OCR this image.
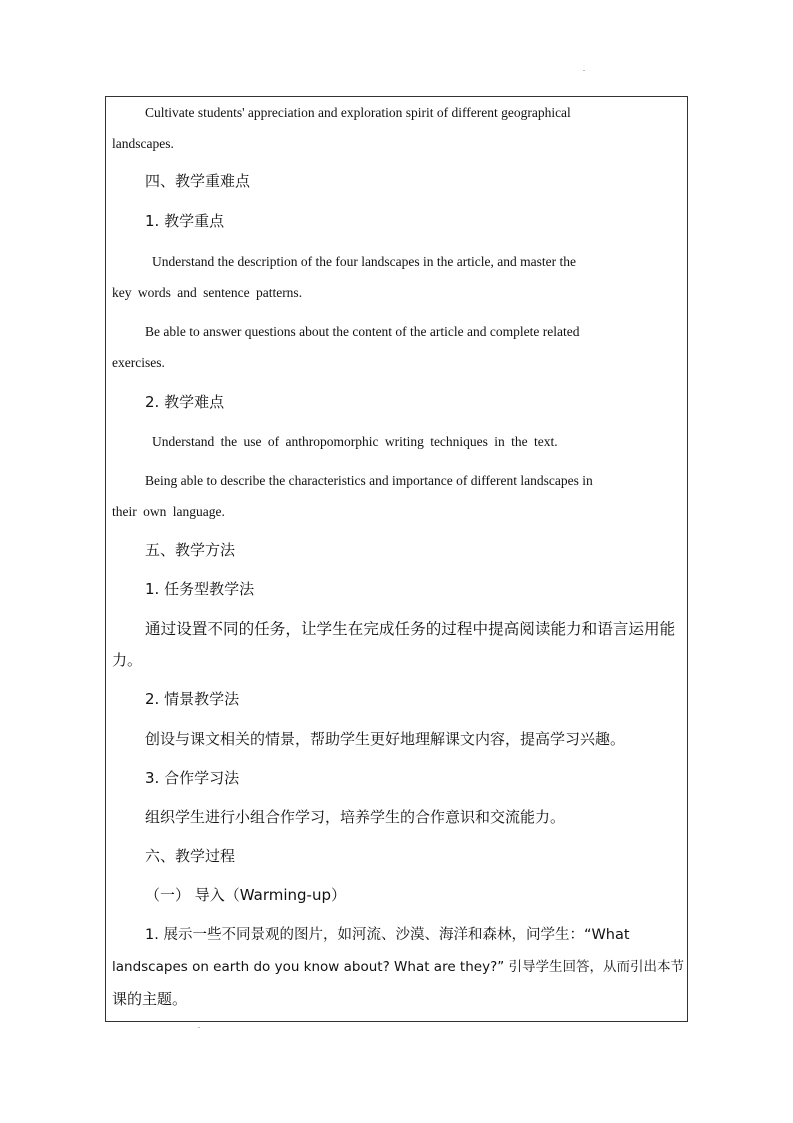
Cultivate students' appreciation and exploration spirit of different geographical
landscapes.
四、教学重难点
1. 教学重点
Understand the description of the four landscapes in the article, and master the
key words and sentence patterns.
Be able to answer questions about the content of the article and complete related
exercises.
2. 教学难点
Understand the use of anthropomorphic writing techniques in the text.
Being able to describe the characteristics and importance of different landscapes in
their own language.
五、教学方法
1. 任务型教学法
通过设置不同的任务，让学生在完成任务的过程中提高阅读能力和语言运用能
力。
2. 情景教学法
创设与课文相关的情景，帮助学生更好地理解课文内容，提高学习兴趣。
3. 合作学习法
组织学生进行小组合作学习，培养学生的合作意识和交流能力。
六、教学过程
（一） 导入（Warming-up）
1. 展示一些不同景观的图片，如河流、沙漠、海洋和森林，问学生：“What
landscapes on earth do you know about? What are they?” 引导学生回答，从而引出本节
课的主题。
